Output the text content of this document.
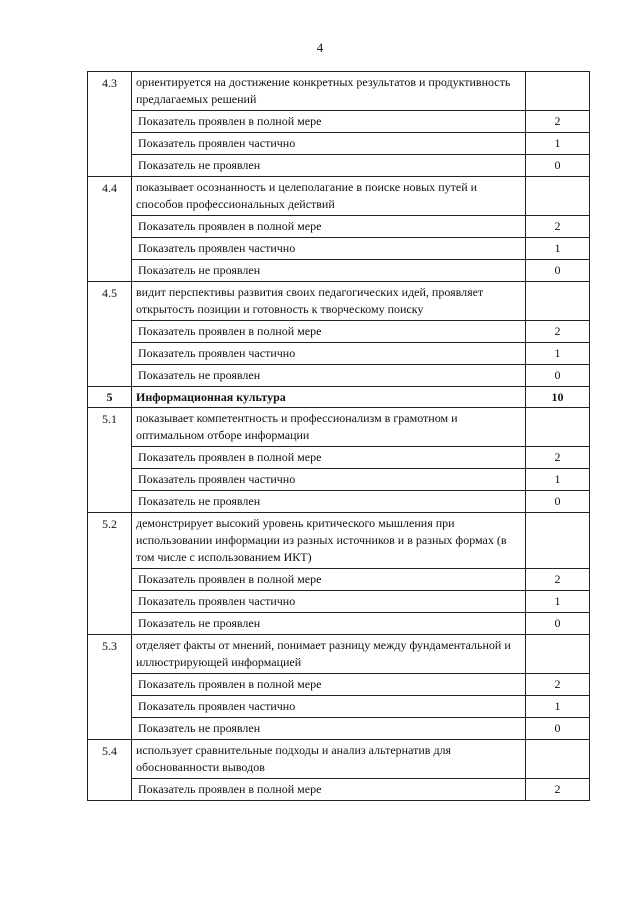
4
4.3	ориентируется на достижение конкретных результатов и продуктивность предлагаемых решений	
	Показатель проявлен в полной мере	2
	Показатель проявлен частично	1
	Показатель не проявлен	0
4.4	показывает осознанность и целеполагание в поиске новых путей и способов профессиональных действий	
	Показатель проявлен в полной мере	2
	Показатель проявлен частично	1
	Показатель не проявлен	0
4.5	видит перспективы развития своих педагогических идей, проявляет открытость позиции и готовность к творческому поиску	
	Показатель проявлен в полной мере	2
	Показатель проявлен частично	1
	Показатель не проявлен	0
5	Информационная культура	10
5.1	показывает компетентность и профессионализм в грамотном и оптимальном отборе информации	
	Показатель проявлен в полной мере	2
	Показатель проявлен частично	1
	Показатель не проявлен	0
5.2	демонстрирует высокий уровень критического мышления при использовании информации из разных источников и в разных формах (в том числе с использованием ИКТ)	
	Показатель проявлен в полной мере	2
	Показатель проявлен частично	1
	Показатель не проявлен	0
5.3	отделяет факты от мнений, понимает разницу между фундаментальной и иллюстрирующей информацией	
	Показатель проявлен в полной мере	2
	Показатель проявлен частично	1
	Показатель не проявлен	0
5.4	использует сравнительные подходы и анализ альтернатив для обоснованности выводов	
	Показатель проявлен в полной мере	2
